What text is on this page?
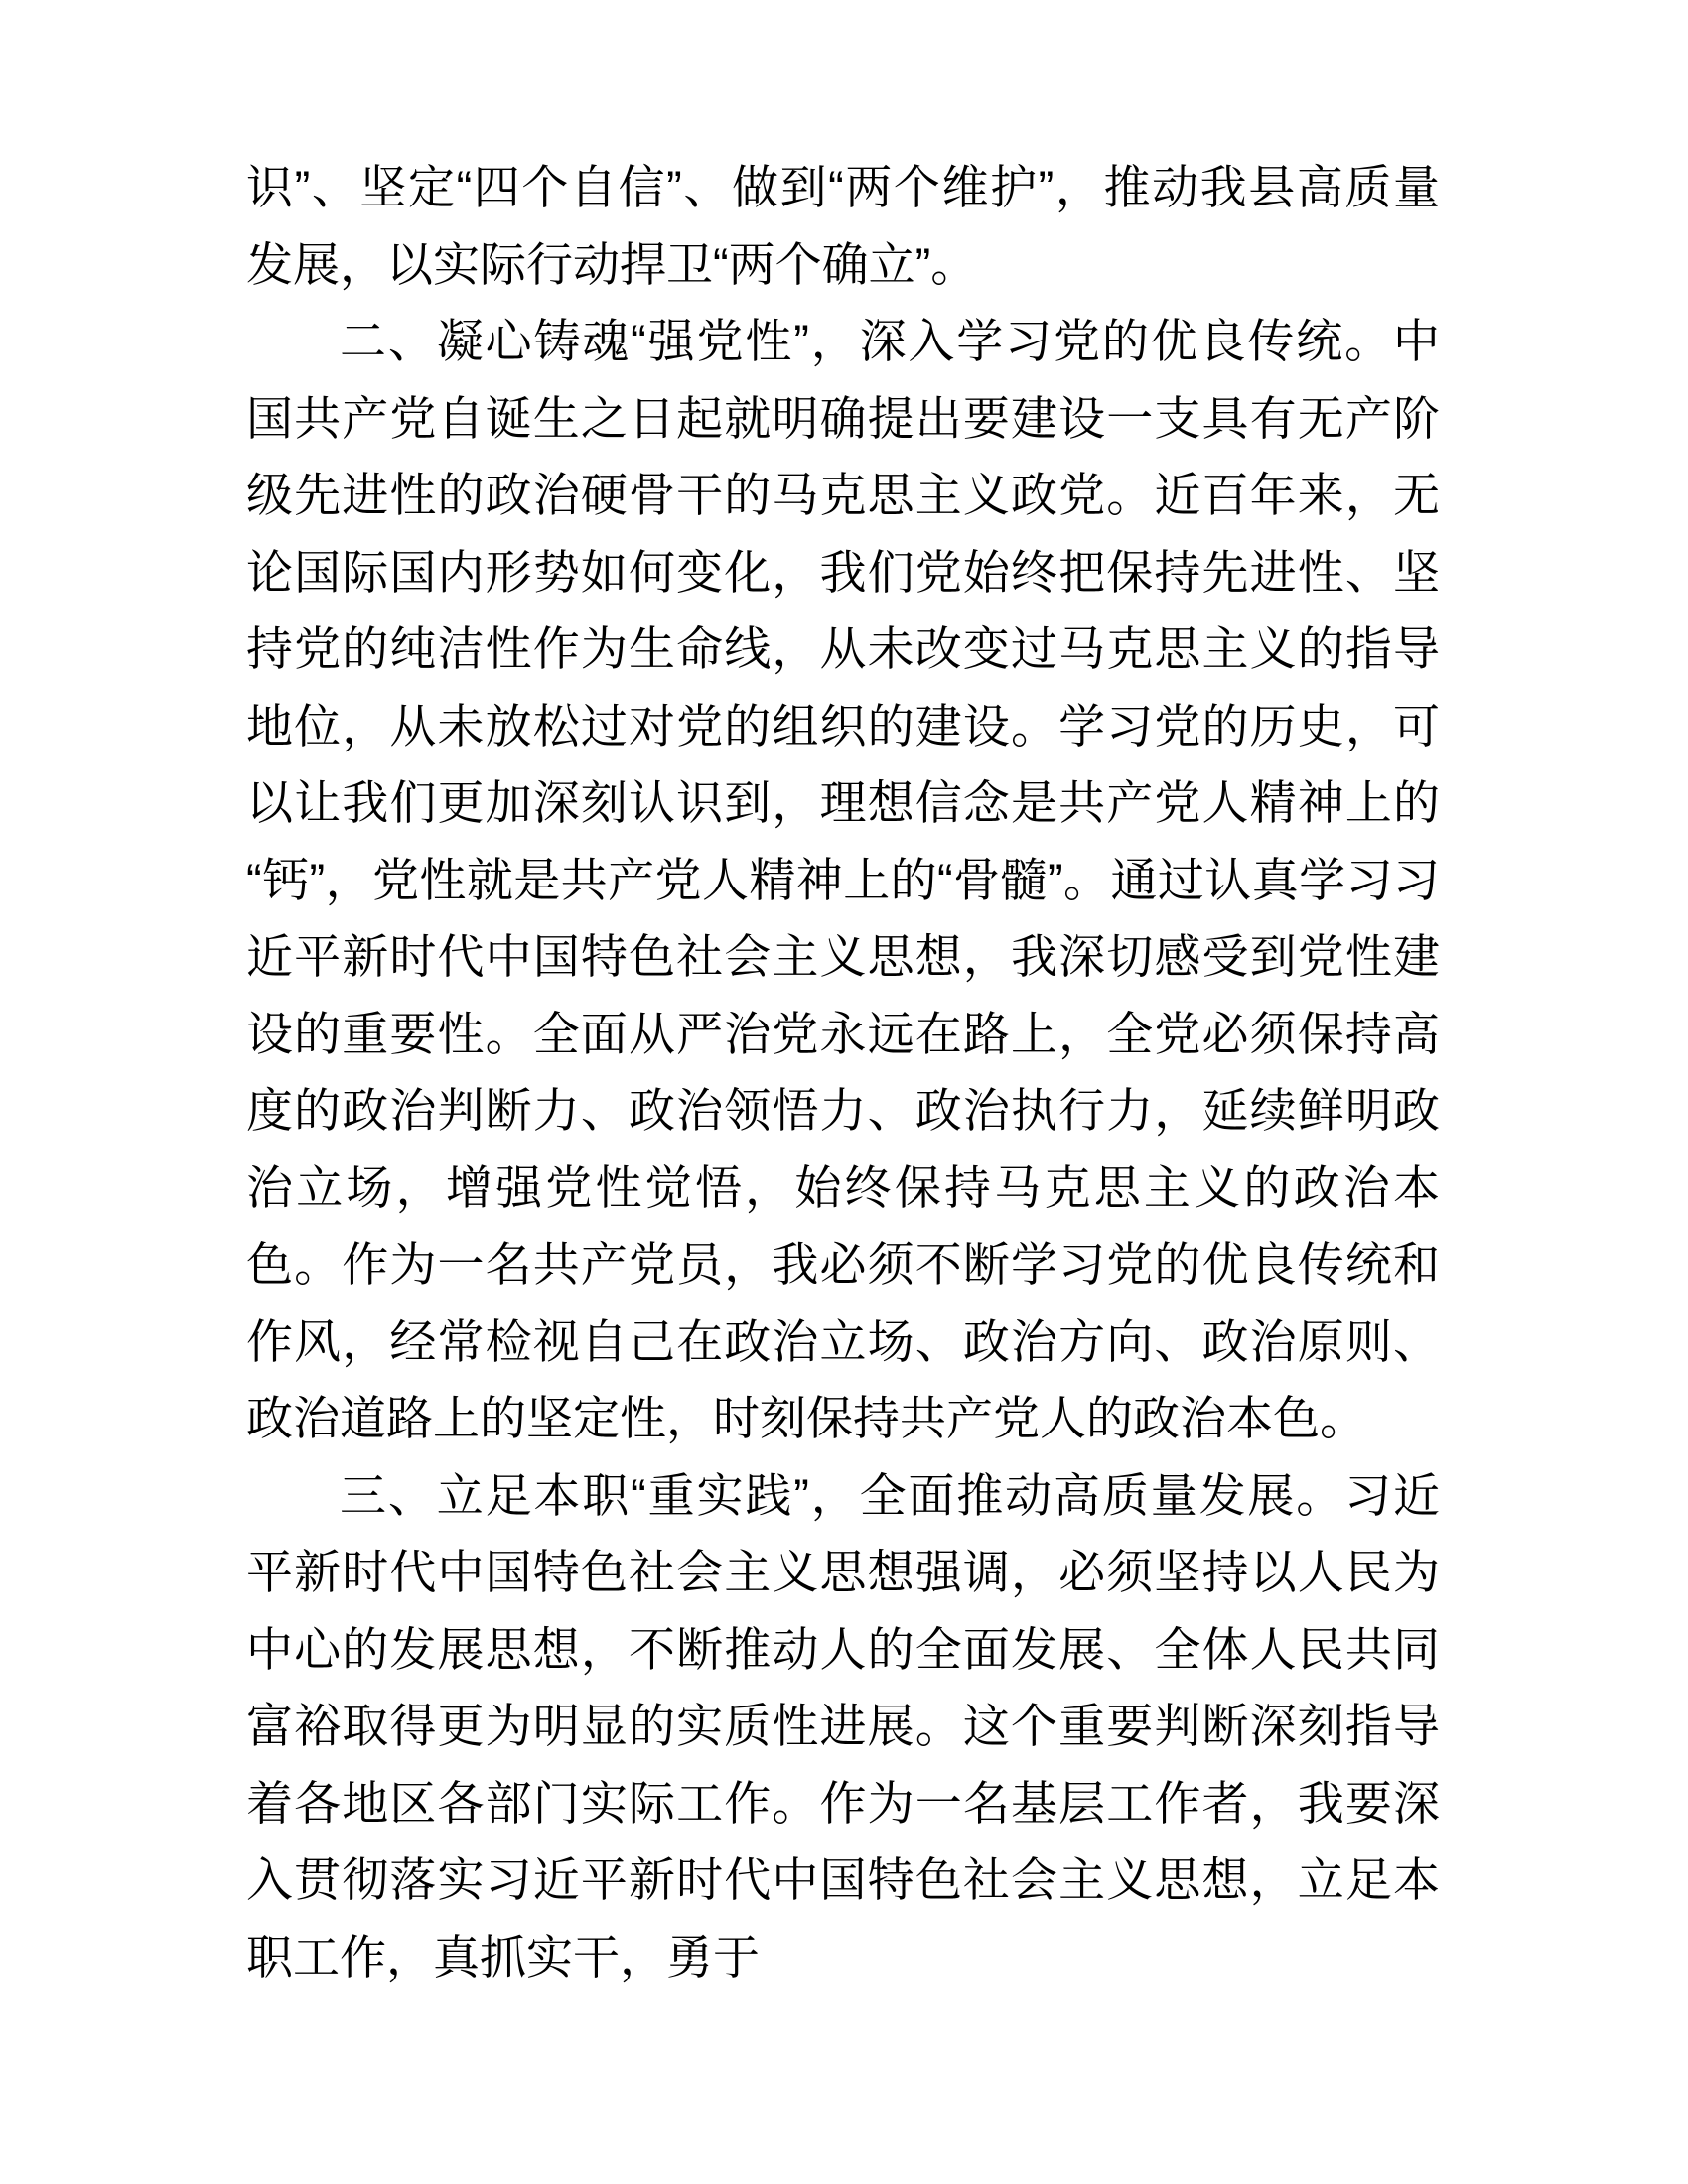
识”、坚定“四个自信”、做到“两个维护”，推动我县高质量发展，以实际行动捍卫“两个确立”。

二、凝心铸魂“强党性”，深入学习党的优良传统。中国共产党自诞生之日起就明确提出要建设一支具有无产阶级先进性的政治硬骨干的马克思主义政党。近百年来，无论国际国内形势如何变化，我们党始终把保持先进性、坚持党的纯洁性作为生命线，从未改变过马克思主义的指导地位，从未放松过对党的组织的建设。学习党的历史，可以让我们更加深刻认识到，理想信念是共产党人精神上的“钙”，党性就是共产党人精神上的“骨髓”。通过认真学习习近平新时代中国特色社会主义思想，我深切感受到党性建设的重要性。全面从严治党永远在路上，全党必须保持高度的政治判断力、政治领悟力、政治执行力，延续鲜明政治立场，增强党性觉悟，始终保持马克思主义的政治本色。作为一名共产党员，我必须不断学习党的优良传统和作风，经常检视自己在政治立场、政治方向、政治原则、政治道路上的坚定性，时刻保持共产党人的政治本色。

三、立足本职“重实践”，全面推动高质量发展。习近平新时代中国特色社会主义思想强调，必须坚持以人民为中心的发展思想，不断推动人的全面发展、全体人民共同富裕取得更为明显的实质性进展。这个重要判断深刻指导着各地区各部门实际工作。作为一名基层工作者，我要深入贯彻落实习近平新时代中国特色社会主义思想，立足本职工作，真抓实干，勇于
